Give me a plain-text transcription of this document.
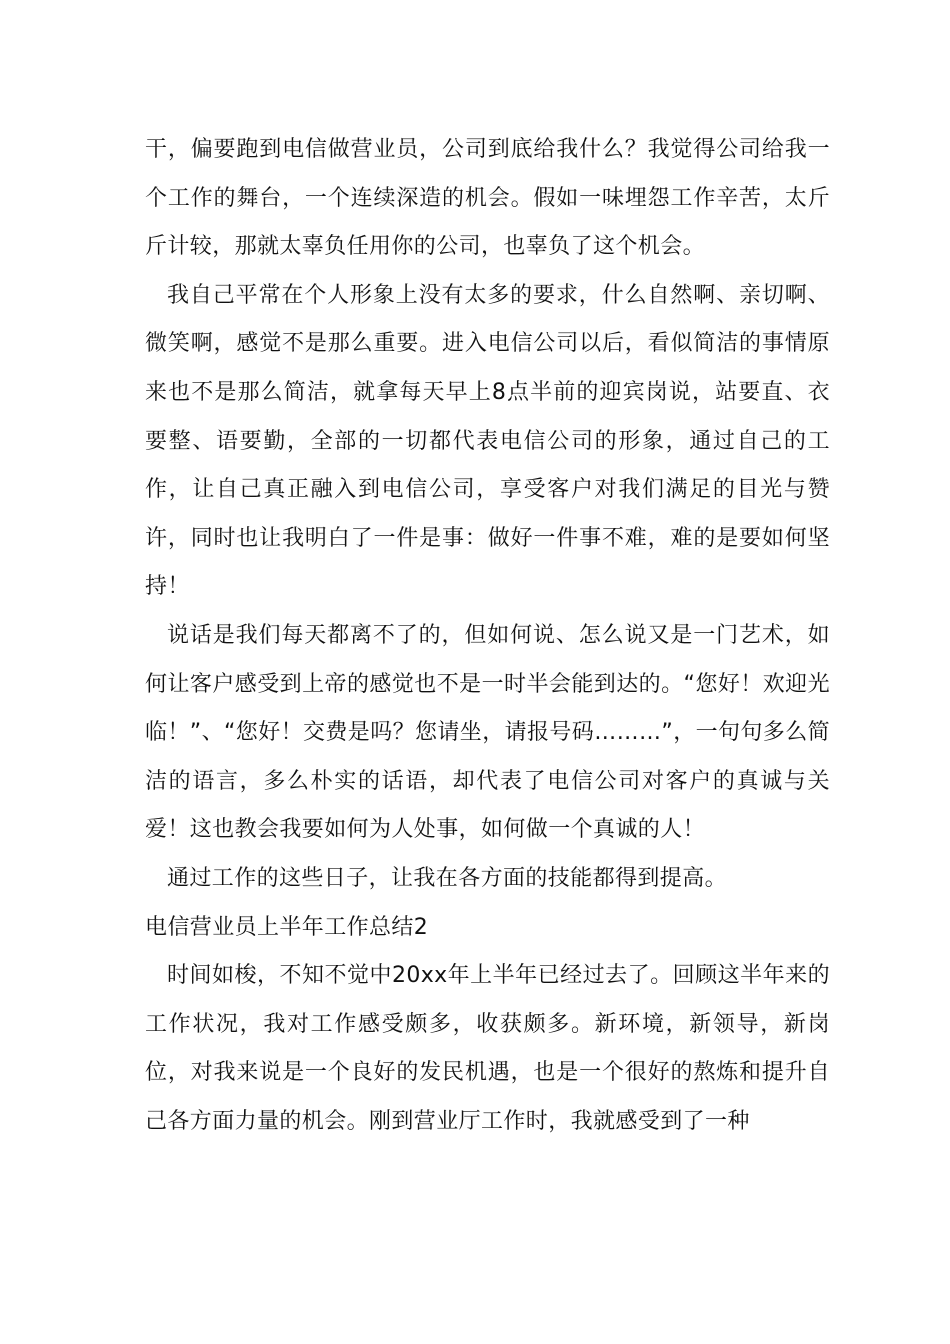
干，偏要跑到电信做营业员，公司到底给我什么？我觉得公司给我一个工作的舞台，一个连续深造的机会。假如一味埋怨工作辛苦，太斤斤计较，那就太辜负任用你的公司，也辜负了这个机会。

我自己平常在个人形象上没有太多的要求，什么自然啊、亲切啊、微笑啊，感觉不是那么重要。进入电信公司以后，看似简洁的事情原来也不是那么简洁，就拿每天早上8点半前的迎宾岗说，站要直、衣要整、语要勤，全部的一切都代表电信公司的形象，通过自己的工作，让自己真正融入到电信公司，享受客户对我们满足的目光与赞许，同时也让我明白了一件是事：做好一件事不难，难的是要如何坚持！

说话是我们每天都离不了的，但如何说、怎么说又是一门艺术，如何让客户感受到上帝的感觉也不是一时半会能到达的。“您好！欢迎光临！”、“您好！交费是吗？您请坐，请报号码………”，一句句多么简洁的语言，多么朴实的话语，却代表了电信公司对客户的真诚与关爱！这也教会我要如何为人处事，如何做一个真诚的人！

通过工作的这些日子，让我在各方面的技能都得到提高。

电信营业员上半年工作总结2

时间如梭，不知不觉中20xx年上半年已经过去了。回顾这半年来的工作状况，我对工作感受颇多，收获颇多。新环境，新领导，新岗位，对我来说是一个良好的发民机遇，也是一个很好的熬炼和提升自己各方面力量的机会。刚到营业厅工作时，我就感受到了一种
